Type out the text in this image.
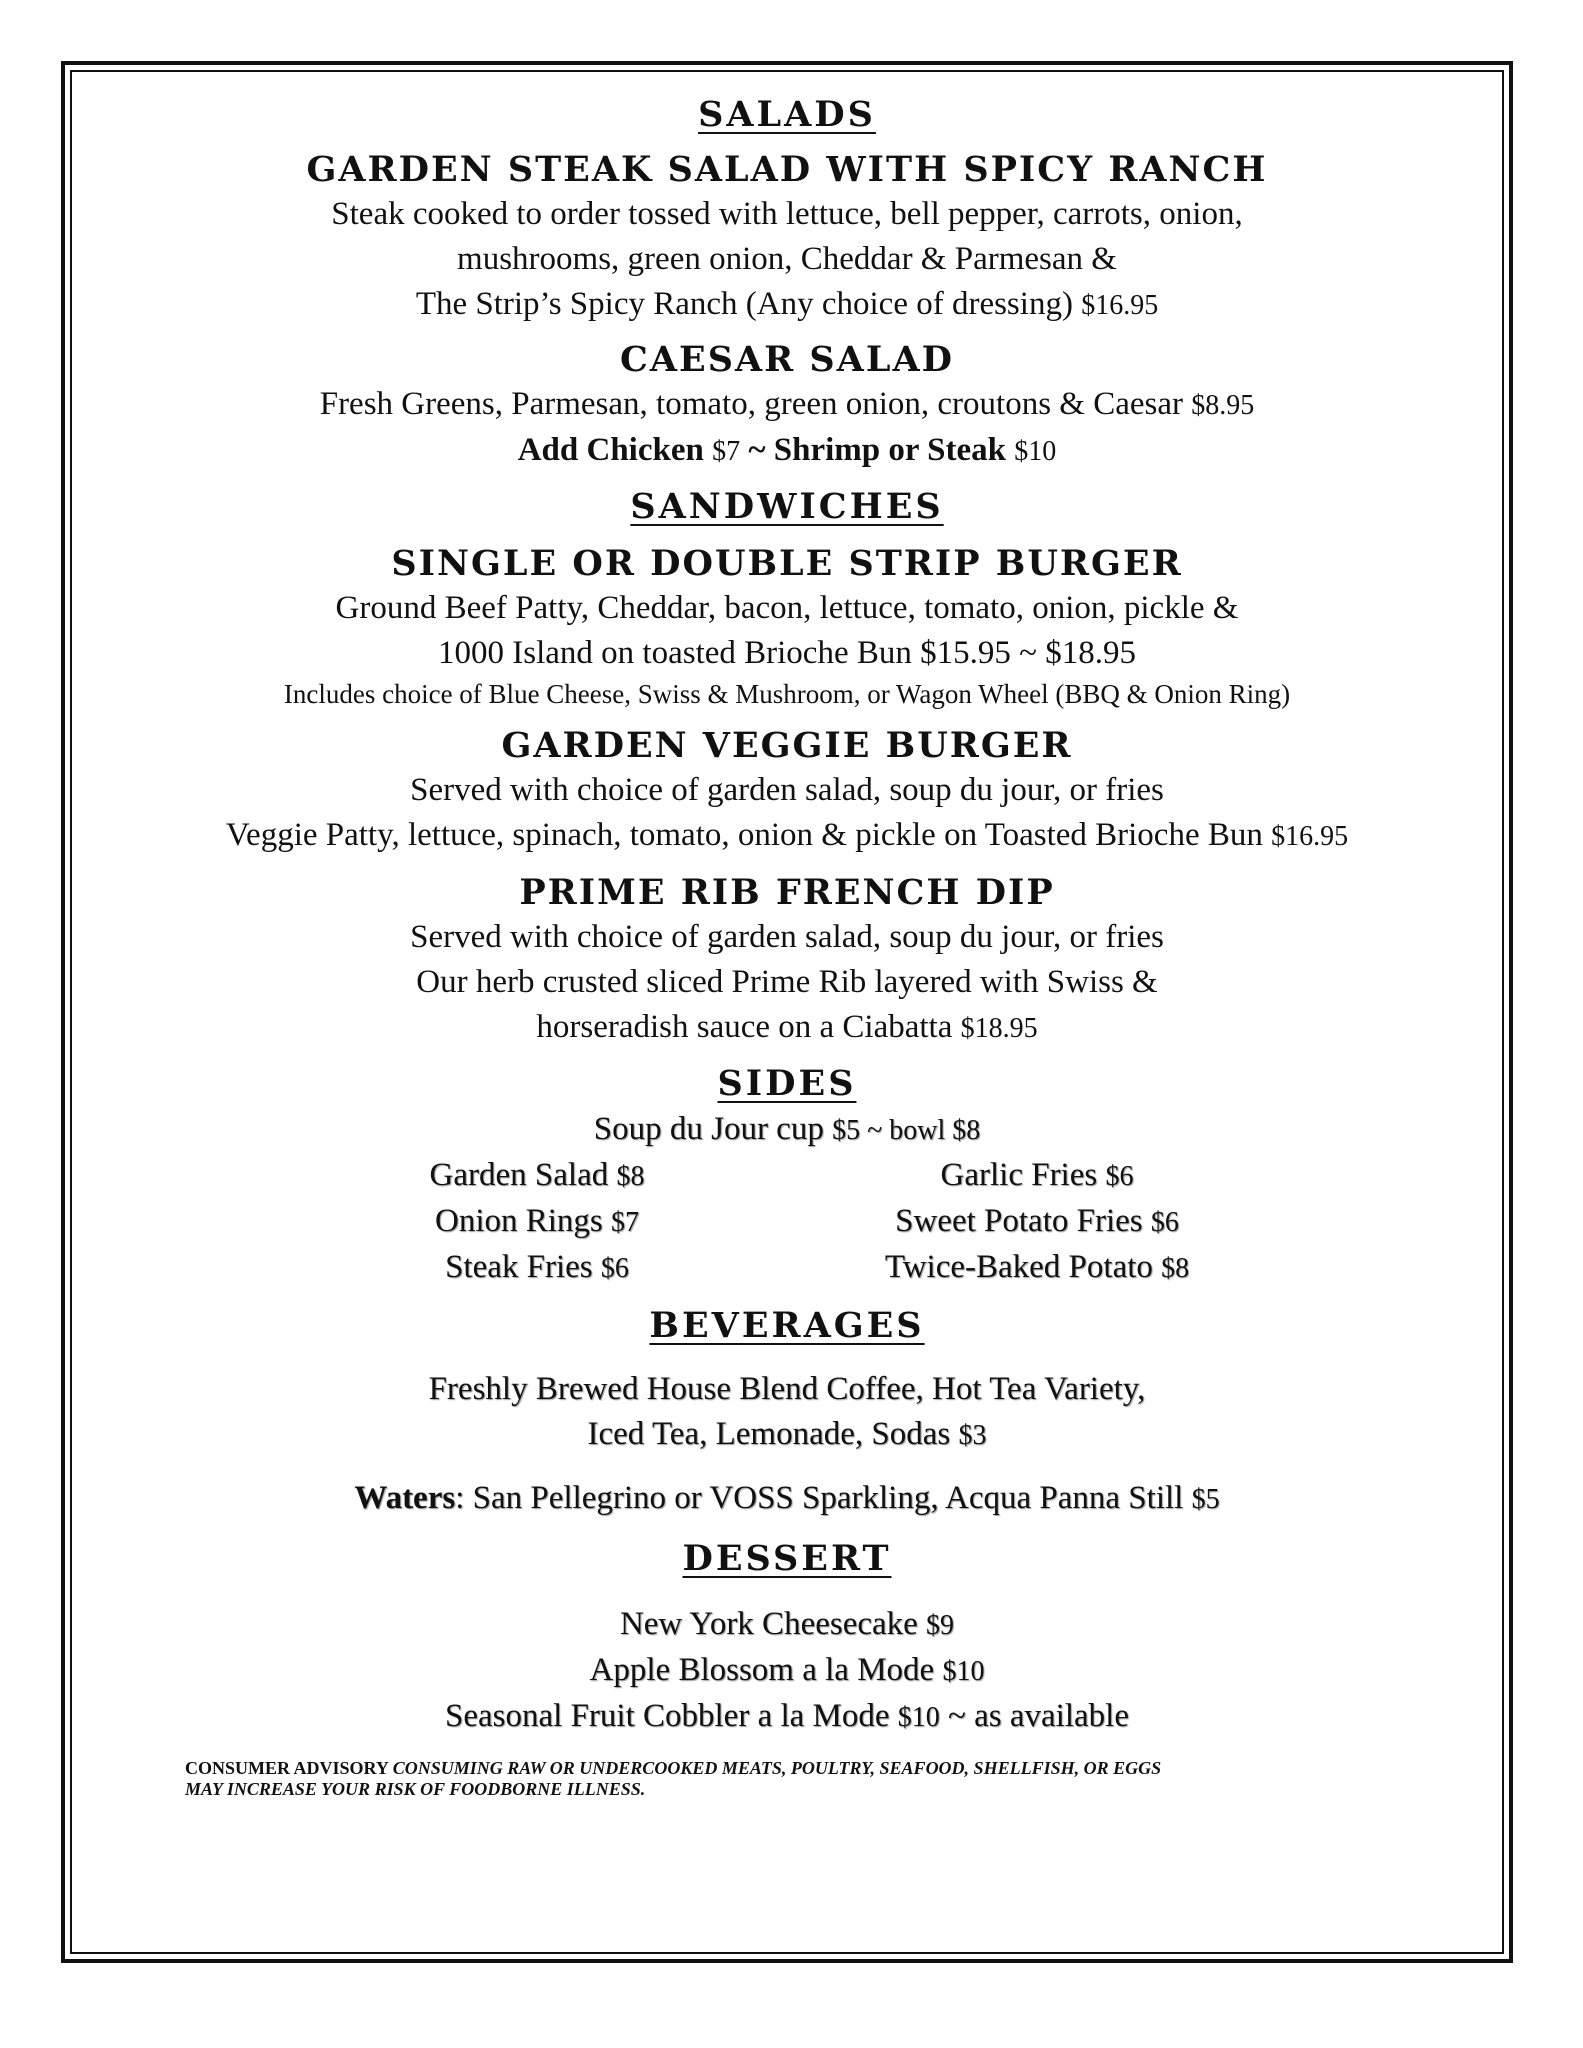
SALADS
GARDEN STEAK SALAD WITH SPICY RANCH

Steak cooked to order tossed with lettuce, bell pepper, carrots, onion,

mushrooms, green onion, Cheddar & Parmesan &

The Strip’s Spicy Ranch (Any choice of dressing) $16.95

CAESAR SALAD

Fresh Greens, Parmesan, tomato, green onion, croutons & Caesar $8.95

Add Chicken $7 ~ Shrimp or Steak $10

SANDWICHES
SINGLE OR DOUBLE STRIP BURGER

Ground Beef Patty, Cheddar, bacon, lettuce, tomato, onion, pickle &

1000 Island on toasted Brioche Bun $15.95 ~ $18.95

Includes choice of Blue Cheese, Swiss & Mushroom, or Wagon Wheel (BBQ & Onion Ring)

GARDEN VEGGIE BURGER

Served with choice of garden salad, soup du jour, or fries

Veggie Patty, lettuce, spinach, tomato, onion & pickle on Toasted Brioche Bun $16.95

PRIME RIB FRENCH DIP

Served with choice of garden salad, soup du jour, or fries

Our herb crusted sliced Prime Rib layered with Swiss &

horseradish sauce on a Ciabatta $18.95

SIDES

Soup du Jour cup $5 ~ bowl $8

Garden Salad $8	Garlic Fries $6

Onion Rings $7	Sweet Potato Fries $6

Steak Fries $6	Twice-Baked Potato $8

BEVERAGES

Freshly Brewed House Blend Coffee, Hot Tea Variety,

Iced Tea, Lemonade, Sodas $3

Waters: San Pellegrino or VOSS Sparkling, Acqua Panna Still $5

DESSERT

New York Cheesecake $9

Apple Blossom a la Mode $10

Seasonal Fruit Cobbler a la Mode $10 ~ as available

CONSUMER ADVISORY CONSUMING RAW OR UNDERCOOKED MEATS, POULTRY, SEAFOOD, SHELLFISH, OR EGGS
MAY INCREASE YOUR RISK OF FOODBORNE ILLNESS.
